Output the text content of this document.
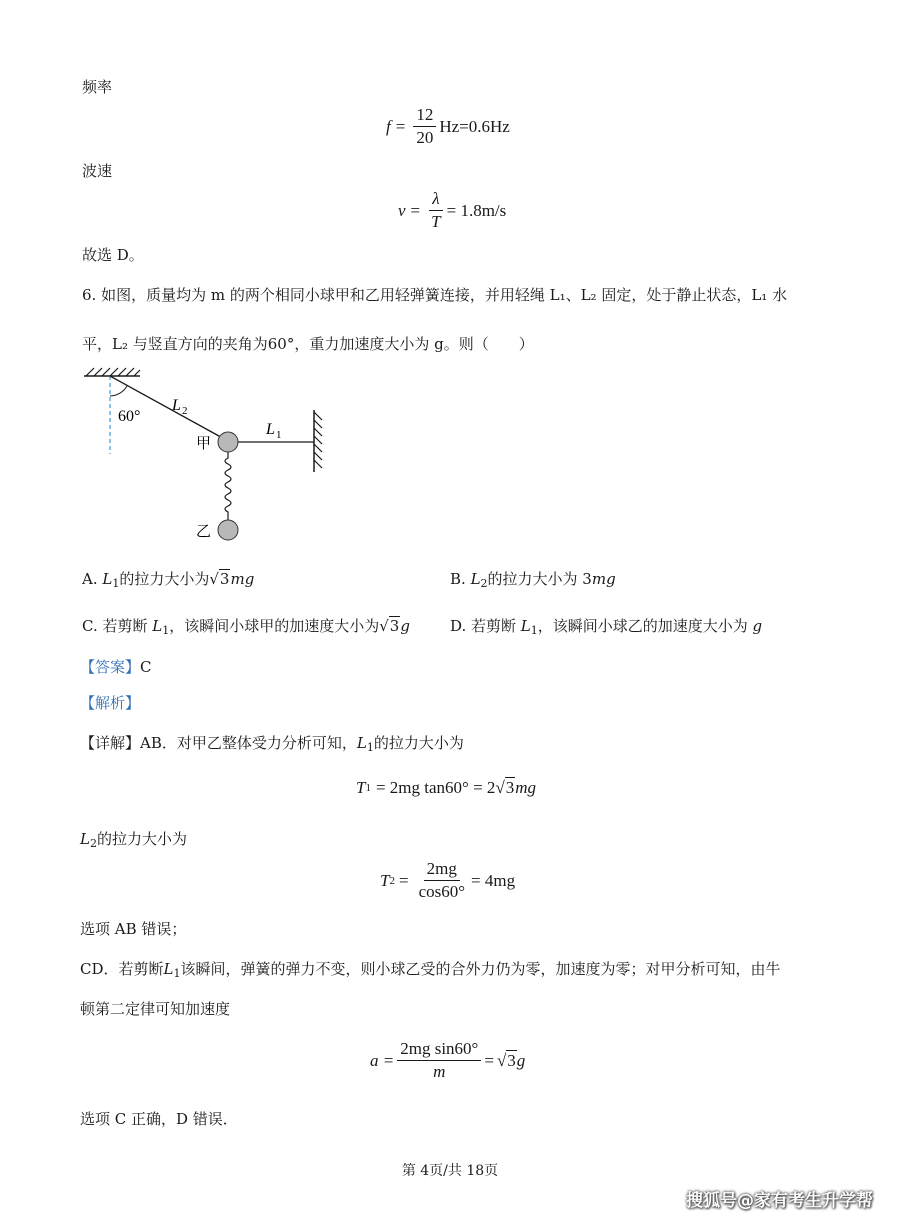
频率
$f = \frac{12}{20} Hz=0.6Hz$
波速
$v = \frac{\lambda}{T} = 1.8m/s$
故选 D。
6. 如图，质量均为 m 的两个相同小球甲和乙用轻弹簧连接，并用轻绳 L₁、L₂ 固定，处于静止状态，L₁ 水
平，L₂ 与竖直方向的夹角为60°，重力加速度大小为 g。则（　　）
60°
L 2
L 1
甲
乙
A. $L_1$的拉力大小为√3mg	B. $L_2$的拉力大小为 3mg
C. 若剪断 $L_1$，该瞬间小球甲的加速度大小为√3g	D. 若剪断 $L_1$，该瞬间小球乙的加速度大小为 g
【答案】C
【解析】
【详解】AB．对甲乙整体受力分析可知，$L_1$的拉力大小为
T 1 = 2mg tan60° = 2 √3 mg
$L_2$的拉力大小为
T $2 = \frac{2mg}{\cos 60^\circ} = 4mg$
选项 AB 错误；
CD．若剪断$L_1$该瞬间，弹簧的弹力不变，则小球乙受的合外力仍为零，加速度为零；对甲分析可知，由牛
顿第二定律可知加速度
$a = \frac{\text{2mg sin60°}}{m} = √3$ g
选项 C 正确，D 错误．
第 4页/共 18页
搜狐号@家有考生升学帮
